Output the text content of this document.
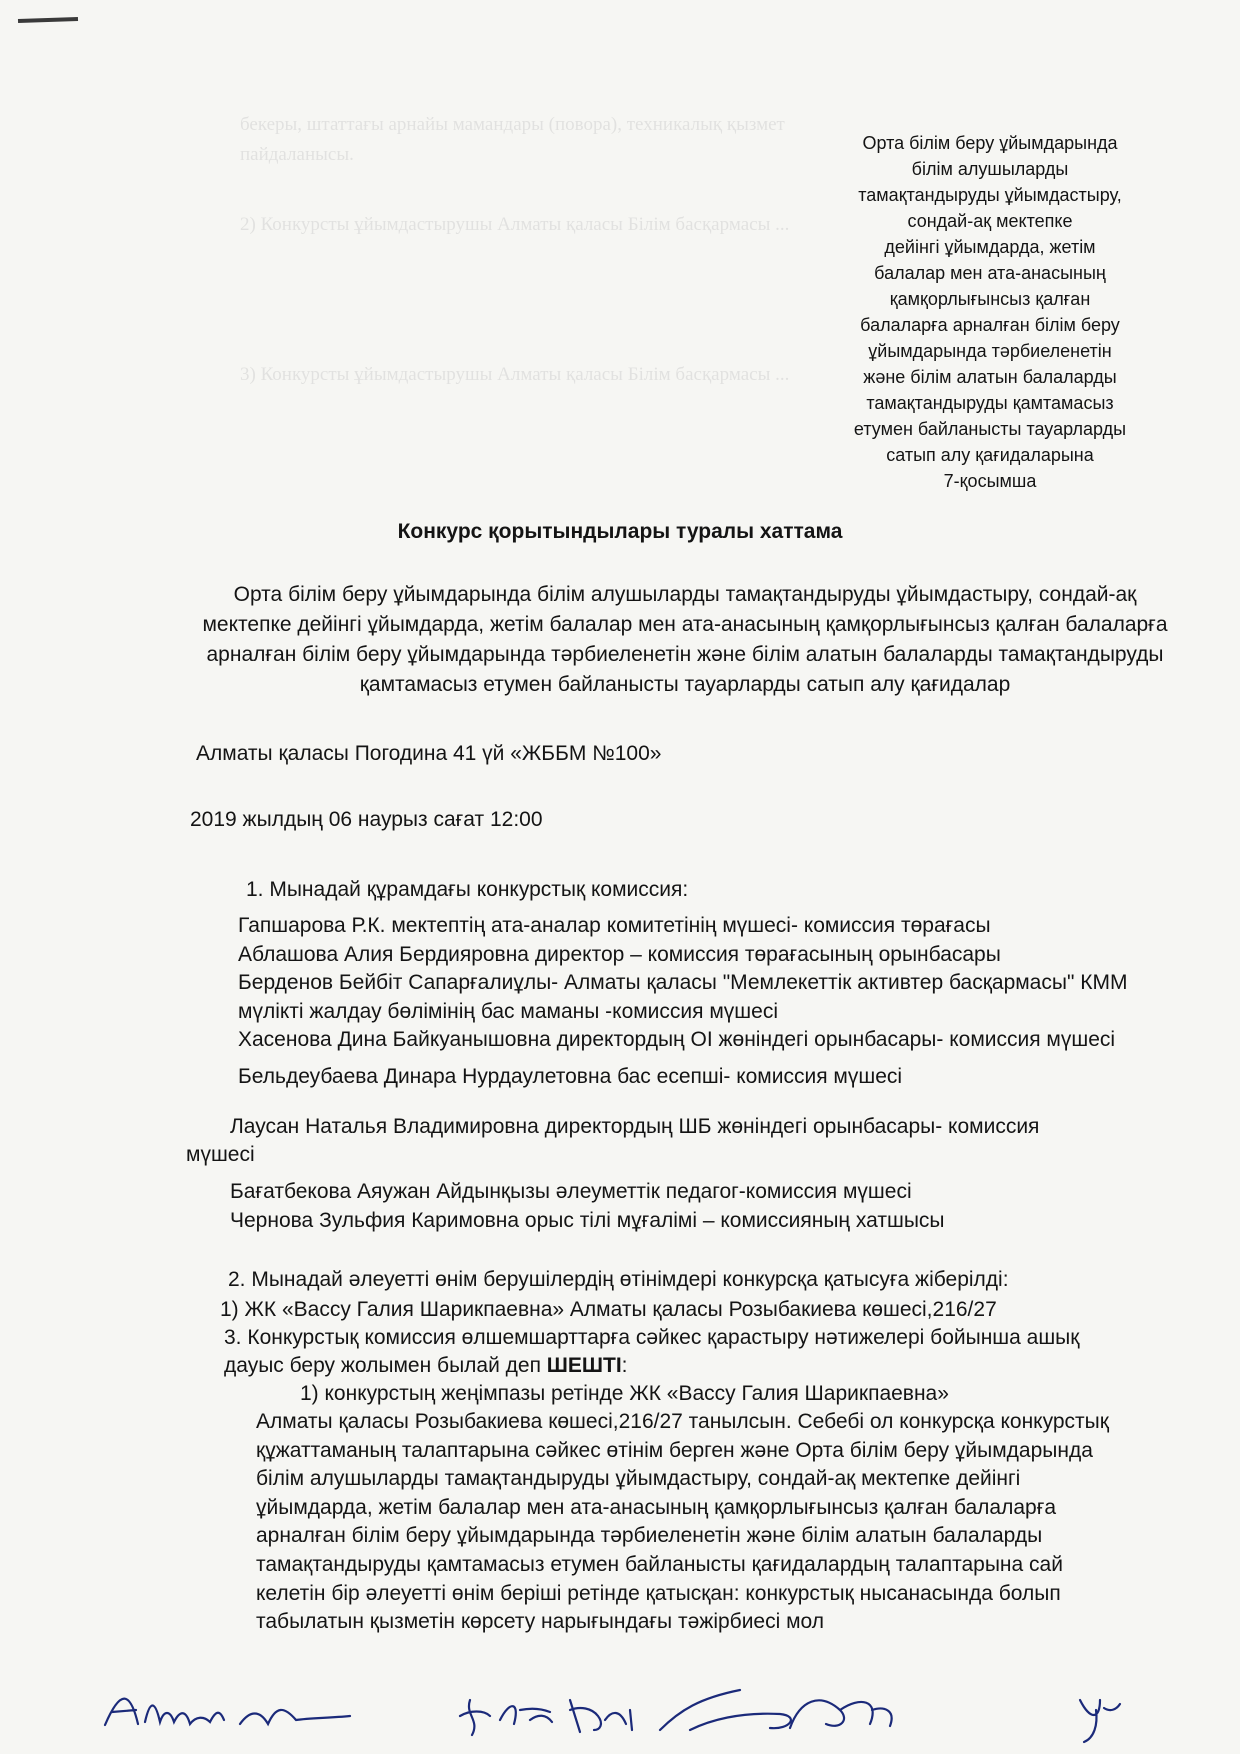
бекеры, штаттағы арнайы мамандары (повора), техникалық қызмет
пайдаланысы.
2) Конкурсты ұйымдастырушы Алматы қаласы Білім басқармасы ...
3) Конкурсты ұйымдастырушы Алматы қаласы Білім басқармасы ...
Орта білім беру ұйымдарында
білім алушыларды
тамақтандыруды ұйымдастыру,
сондай-ақ мектепке
дейінгі ұйымдарда, жетім
балалар мен ата-анасының
қамқорлығынсыз қалған
балаларға арналған білім беру
ұйымдарында тәрбиеленетін
және білім алатын балаларды
тамақтандыруды қамтамасыз
етумен байланысты тауарларды
сатып алу қағидаларына
7-қосымша
Конкурс қорытындылары туралы хаттама
Орта білім беру ұйымдарында білім алушыларды тамақтандыруды ұйымдастыру, сондай-ақ мектепке дейінгі ұйымдарда, жетім балалар мен ата-анасының қамқорлығынсыз қалған балаларға арналған білім беру ұйымдарында тәрбиеленетін және білім алатын балаларды тамақтандыруды қамтамасыз етумен байланысты тауарларды сатып алу қағидалар
Алматы қаласы Погодина 41 үй «ЖББМ №100»
2019 жылдың 06 наурыз сағат 12:00
1. Мынадай құрамдағы конкурстық комиссия:
Гапшарова Р.К. мектептің ата-аналар комитетінің мүшесі- комиссия төрағасы
Аблашова Алия Бердияровна директор – комиссия төрағасының орынбасары
Берденов Бейбіт Сапарғалиұлы- Алматы қаласы "Мемлекеттік активтер басқармасы" КММ мүлікті жалдау бөлімінің бас маманы -комиссия мүшесі
Хасенова Дина Байкуанышовна директордың ОІ жөніндегі орынбасары- комиссия мүшесі
Бельдеубаева Динара Нурдаулетовна бас есепші- комиссия мүшесі
Лаусан Наталья Владимировна директордың ШБ жөніндегі орынбасары- комиссия
мүшесі
Бағатбекова Аяужан Айдынқызы әлеуметтік педагог-комиссия мүшесі
Чернова Зульфия Каримовна орыс тілі мұғалімі – комиссияның хатшысы
2. Мынадай әлеуетті өнім берушілердің өтінімдері конкурсқа қатысуға жіберілді:
1) ЖК «Вассу Галия Шарикпаевна» Алматы қаласы Розыбакиева көшесі,216/27
3. Конкурстық комиссия өлшемшарттарға сәйкес қарастыру нәтижелері бойынша ашық дауыс беру жолымен былай деп ШЕШТІ:
1) конкурстың жеңімпазы ретінде ЖК «Вассу Галия Шарикпаевна»
Алматы қаласы Розыбакиева көшесі,216/27 танылсын. Себебі ол конкурсқа конкурстық құжаттаманың талаптарына сәйкес өтінім берген және Орта білім беру ұйымдарында білім алушыларды тамақтандыруды ұйымдастыру, сондай-ақ мектепке дейінгі ұйымдарда, жетім балалар мен ата-анасының қамқорлығынсыз қалған балаларға арналған білім беру ұйымдарында тәрбиеленетін және білім алатын балаларды тамақтандыруды қамтамасыз етумен байланысты қағидалардың талаптарына сай келетін бір әлеуетті өнім беріші ретінде қатысқан: конкурстық нысанасында болып табылатын қызметін көрсету нарығындағы тәжірбиесі мол
